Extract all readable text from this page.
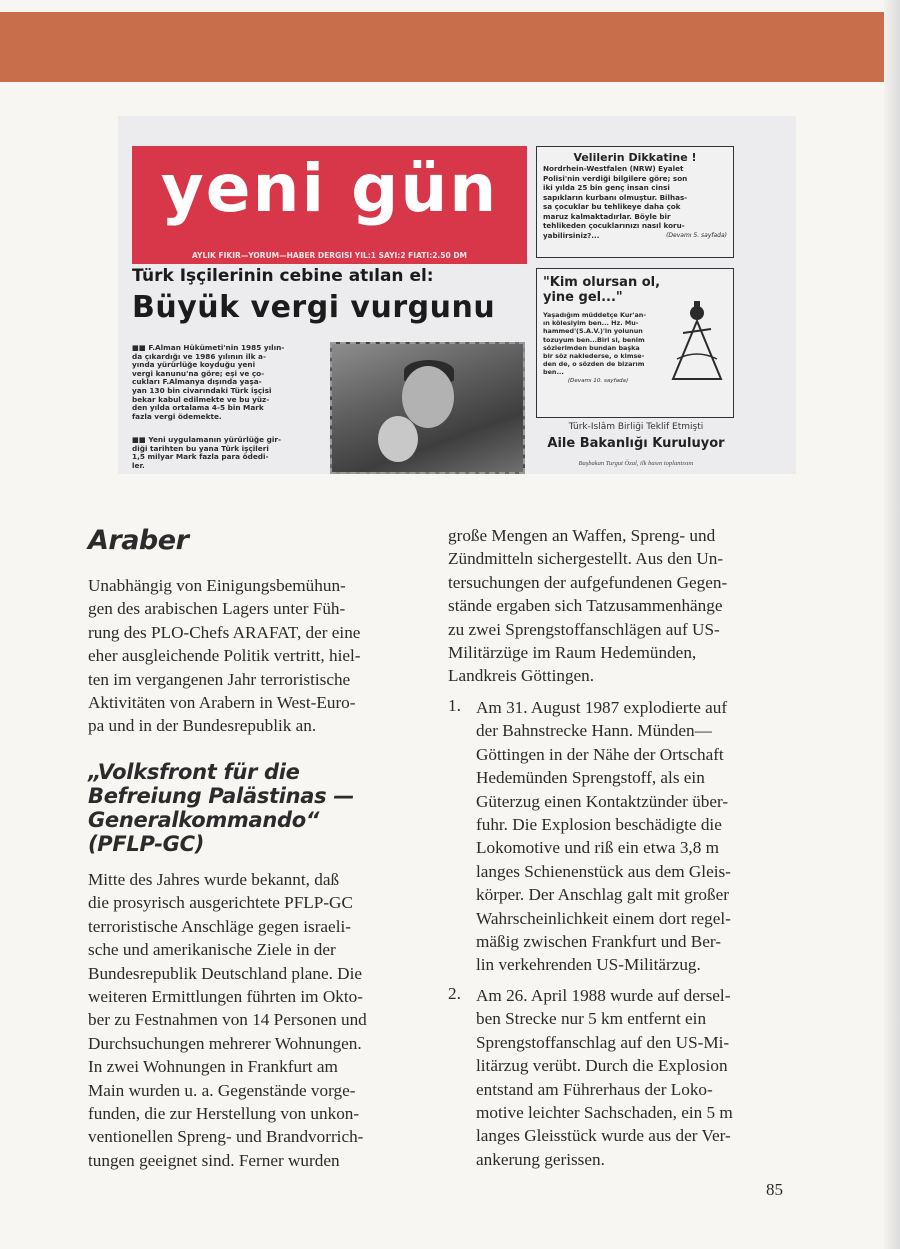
yeni gün
AYLIK FIKIR—YORUM—HABER DERGISI YIL:1 SAYI:2 FIATI:2.50 DM
Türk Işçilerinin cebine atılan el:
Büyük vergi vurgunu
■■ F.Alman Hükümeti'nin 1985 yılın-
da çıkardığı ve 1986 yılının ilk a-
yında yürürlüğe koyduğu yeni
vergi kanunu'na göre; eşi ve ço-
cukları F.Almanya dışında yaşa-
yan 130 bin civarındaki Türk işçisi
bekar kabul edilmekte ve bu yüz-
den yılda ortalama 4-5 bin Mark
fazla vergi ödemekte.
■■ Yeni uygulamanın yürürlüğe gir-
diği tarihten bu yana Türk işçileri
1,5 milyar Mark fazla para ödedi-
ler.
Velilerin Dikkatine !
Nordrhein-Westfalen (NRW) Eyalet
Polisi'nin verdiği bilgilere göre; son
iki yılda 25 bin genç insan cinsi
sapıkların kurbanı olmuştur. Bilhas-
sa çocuklar bu tehlikeye daha çok
maruz kalmaktadırlar. Böyle bir
tehlikeden çocuklarınızı nasıl koru-
yabilirsiniz?...	(Devamı 5. sayfada)
"Kim olursan ol, yine gel..."
Yaşadığım müddetçe Kur'an-
ın kölesiyim ben... Hz. Mu-
hammed'(S.A.V.)'in yolunun
tozuyum ben...Biri si, benim
sözlerimden bundan başka
bir söz naklederse, o kimse-
den de, o sözden de bizarım
ben...
(Devamı 10. sayfada)
Türk-Islâm Birliği Teklif Etmişti
Aile Bakanlığı Kuruluyor
Başbakan Turgut Özal, ilk basın toplantısını
Araber
Unabhängig von Einigungsbemühun-
gen des arabischen Lagers unter Füh-
rung des PLO-Chefs ARAFAT, der eine
eher ausgleichende Politik vertritt, hiel-
ten im vergangenen Jahr terroristische
Aktivitäten von Arabern in West-Euro-
pa und in der Bundesrepublik an.
„Volksfront für die
Befreiung Palästinas —
Generalkommando“
(PFLP-GC)
Mitte des Jahres wurde bekannt, daß
die prosyrisch ausgerichtete PFLP-GC
terroristische Anschläge gegen israeli-
sche und amerikanische Ziele in der
Bundesrepublik Deutschland plane. Die
weiteren Ermittlungen führten im Okto-
ber zu Festnahmen von 14 Personen und
Durchsuchungen mehrerer Wohnungen.
In zwei Wohnungen in Frankfurt am
Main wurden u. a. Gegenstände vorge-
funden, die zur Herstellung von unkon-
ventionellen Spreng- und Brandvorrich-
tungen geeignet sind. Ferner wurden
große Mengen an Waffen, Spreng- und
Zündmitteln sichergestellt. Aus den Un-
tersuchungen der aufgefundenen Gegen-
stände ergaben sich Tatzusammenhänge
zu zwei Sprengstoffanschlägen auf US-
Militärzüge im Raum Hedemünden,
Landkreis Göttingen.
1. Am 31. August 1987 explodierte auf
der Bahnstrecke Hann. Münden—
Göttingen in der Nähe der Ortschaft
Hedemünden Sprengstoff, als ein
Güterzug einen Kontaktzünder über-
fuhr. Die Explosion beschädigte die
Lokomotive und riß ein etwa 3,8 m
langes Schienenstück aus dem Gleis-
körper. Der Anschlag galt mit großer
Wahrscheinlichkeit einem dort regel-
mäßig zwischen Frankfurt und Ber-
lin verkehrenden US-Militärzug.
2. Am 26. April 1988 wurde auf dersel-
ben Strecke nur 5 km entfernt ein
Sprengstoffanschlag auf den US-Mi-
litärzug verübt. Durch die Explosion
entstand am Führerhaus der Loko-
motive leichter Sachschaden, ein 5 m
langes Gleisstück wurde aus der Ver-
ankerung gerissen.
85
